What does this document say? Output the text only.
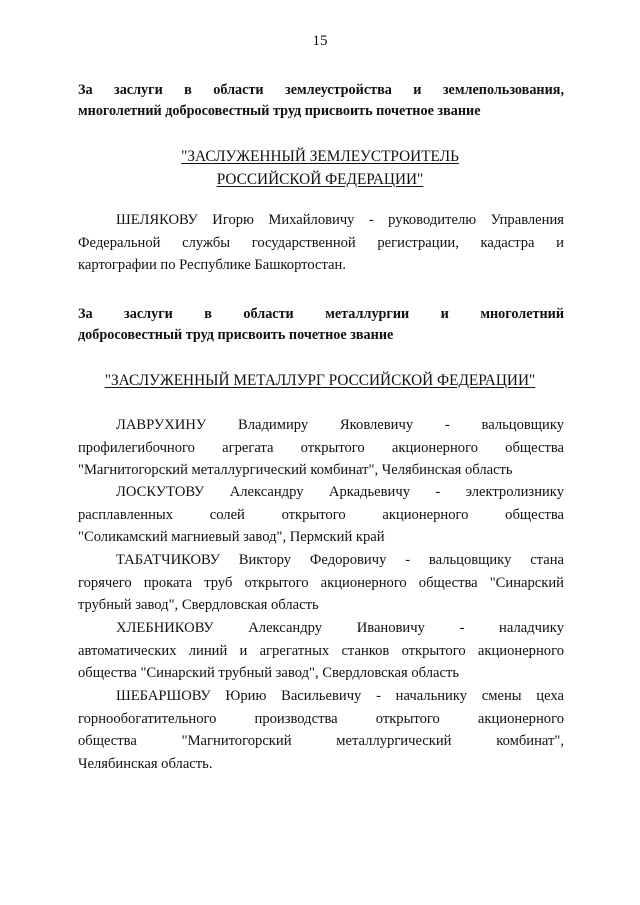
15
За заслуги в области землеустройства и землепользования,
многолетний добросовестный труд присвоить почетное звание
"ЗАСЛУЖЕННЫЙ ЗЕМЛЕУСТРОИТЕЛЬ
РОССИЙСКОЙ ФЕДЕРАЦИИ"
ШЕЛЯКОВУ Игорю Михайловичу - руководителю Управления
Федеральной службы государственной регистрации, кадастра и
картографии по Республике Башкортостан.
За заслуги в области металлургии и многолетний
добросовестный труд присвоить почетное звание
"ЗАСЛУЖЕННЫЙ МЕТАЛЛУРГ РОССИЙСКОЙ ФЕДЕРАЦИИ"
ЛАВРУХИНУ Владимиру Яковлевичу - вальцовщику
профилегибочного агрегата открытого акционерного общества
"Магнитогорский металлургический комбинат", Челябинская область
ЛОСКУТОВУ Александру Аркадьевичу - электролизнику
расплавленных солей открытого акционерного общества
"Соликамский магниевый завод", Пермский край
ТАБАТЧИКОВУ Виктору Федоровичу - вальцовщику стана
горячего проката труб открытого акционерного общества "Синарский
трубный завод", Свердловская область
ХЛЕБНИКОВУ Александру Ивановичу - наладчику
автоматических линий и агрегатных станков открытого акционерного
общества "Синарский трубный завод", Свердловская область
ШЕБАРШОВУ Юрию Васильевичу - начальнику смены цеха
горнообогатительного производства открытого акционерного
общества "Магнитогорский металлургический комбинат",
Челябинская область.
